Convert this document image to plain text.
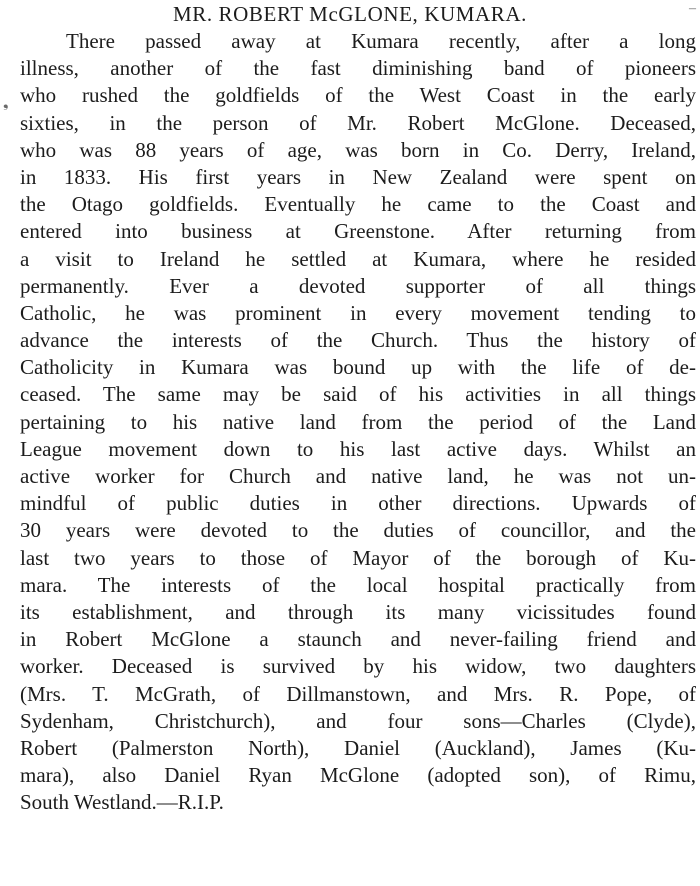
–
❟
MR. ROBERT McGLONE, KUMARA.
There passed away at Kumara recently, after a long
illness, another of the fast diminishing band of pioneers
who rushed the goldfields of the West Coast in the early
sixties, in the person of Mr. Robert McGlone. Deceased,
who was 88 years of age, was born in Co. Derry, Ireland,
in 1833. His first years in New Zealand were spent on
the Otago goldfields. Eventually he came to the Coast and
entered into business at Greenstone. After returning from
a visit to Ireland he settled at Kumara, where he resided
permanently. Ever a devoted supporter of all things
Catholic, he was prominent in every movement tending to
advance the interests of the Church. Thus the history of
Catholicity in Kumara was bound up with the life of de-
ceased. The same may be said of his activities in all things
pertaining to his native land from the period of the Land
League movement down to his last active days. Whilst an
active worker for Church and native land, he was not un-
mindful of public duties in other directions. Upwards of
30 years were devoted to the duties of councillor, and the
last two years to those of Mayor of the borough of Ku-
mara. The interests of the local hospital practically from
its establishment, and through its many vicissitudes found
in Robert McGlone a staunch and never-failing friend and
worker. Deceased is survived by his widow, two daughters
(Mrs. T. McGrath, of Dillmanstown, and Mrs. R. Pope, of
Sydenham, Christchurch), and four sons—Charles (Clyde),
Robert (Palmerston North), Daniel (Auckland), James (Ku-
mara), also Daniel Ryan McGlone (adopted son), of Rimu,
South Westland.—R.I.P.
